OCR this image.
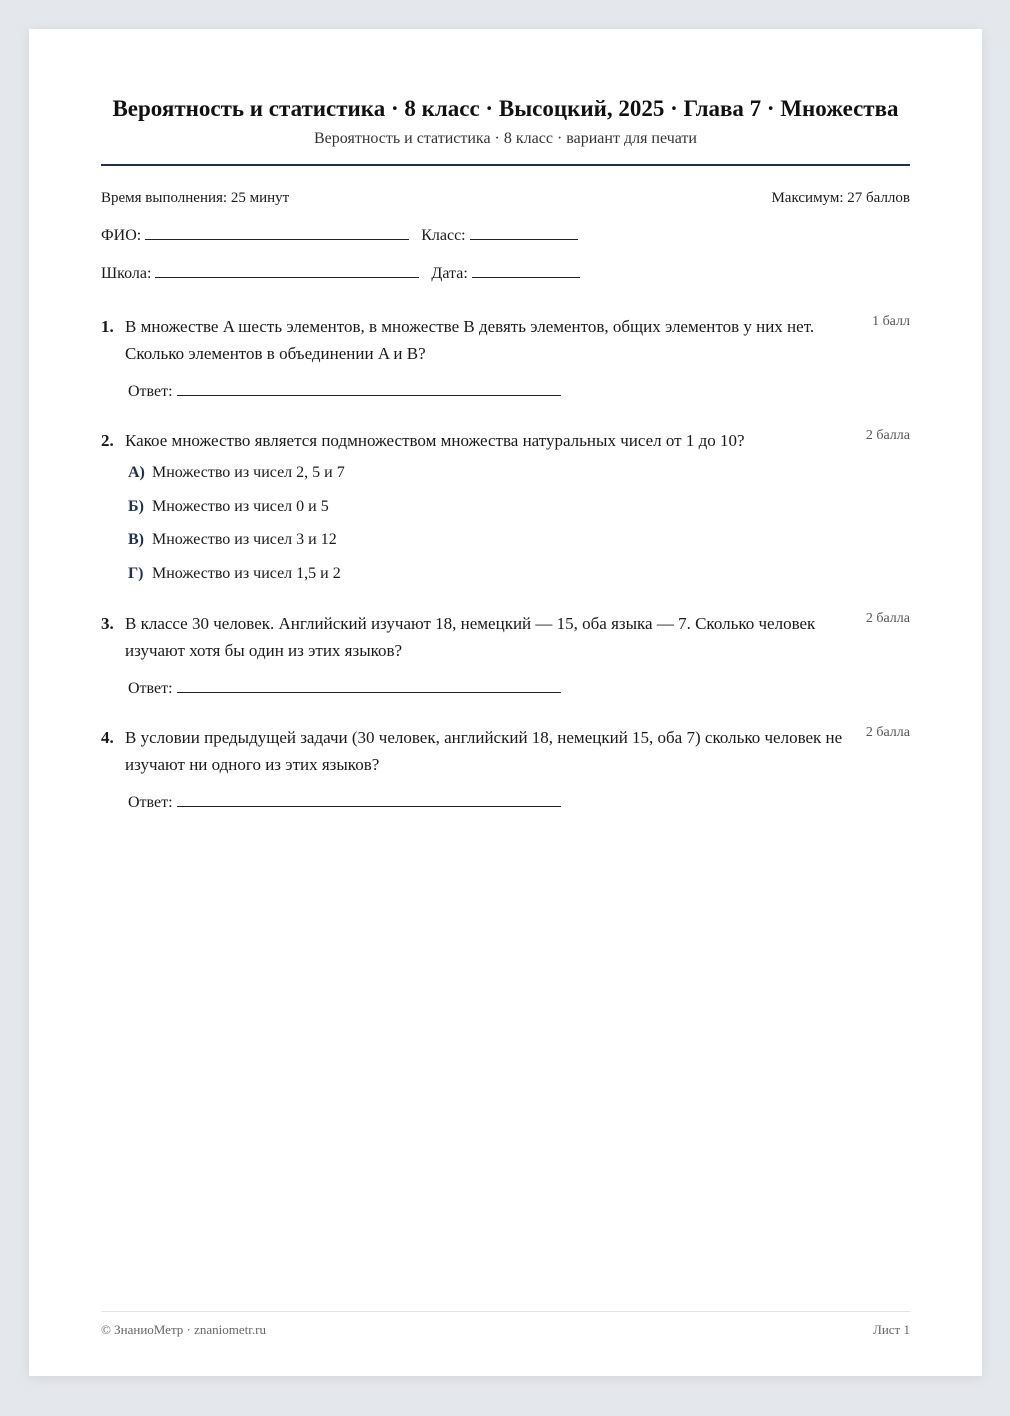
Вероятность и статистика · 8 класс · Высоцкий, 2025 · Глава 7 · Множества
Вероятность и статистика · 8 класс · вариант для печати
Время выполнения: 25 минут	Максимум: 27 баллов
ФИО:	Класс:
Школа:	Дата:
1. В множестве A шесть элементов, в множестве B девять элементов, общих элементов у них нет. Сколько элементов в объединении A и B?
1 балл
Ответ:
2. Какое множество является подмножеством множества натуральных чисел от 1 до 10?	2 балла
А) Множество из чисел 2, 5 и 7
Б) Множество из чисел 0 и 5
В) Множество из чисел 3 и 12
Г) Множество из чисел 1,5 и 2
3. В классе 30 человек. Английский изучают 18, немецкий — 15, оба языка — 7. Сколько человек изучают хотя бы один из этих языков?
2 балла
Ответ:
4. В условии предыдущей задачи (30 человек, английский 18, немецкий 15, оба 7) сколько человек не изучают ни одного из этих языков?
2 балла
Ответ:
© ЗнаниоМетр · znaniometr.ru	Лист 1
